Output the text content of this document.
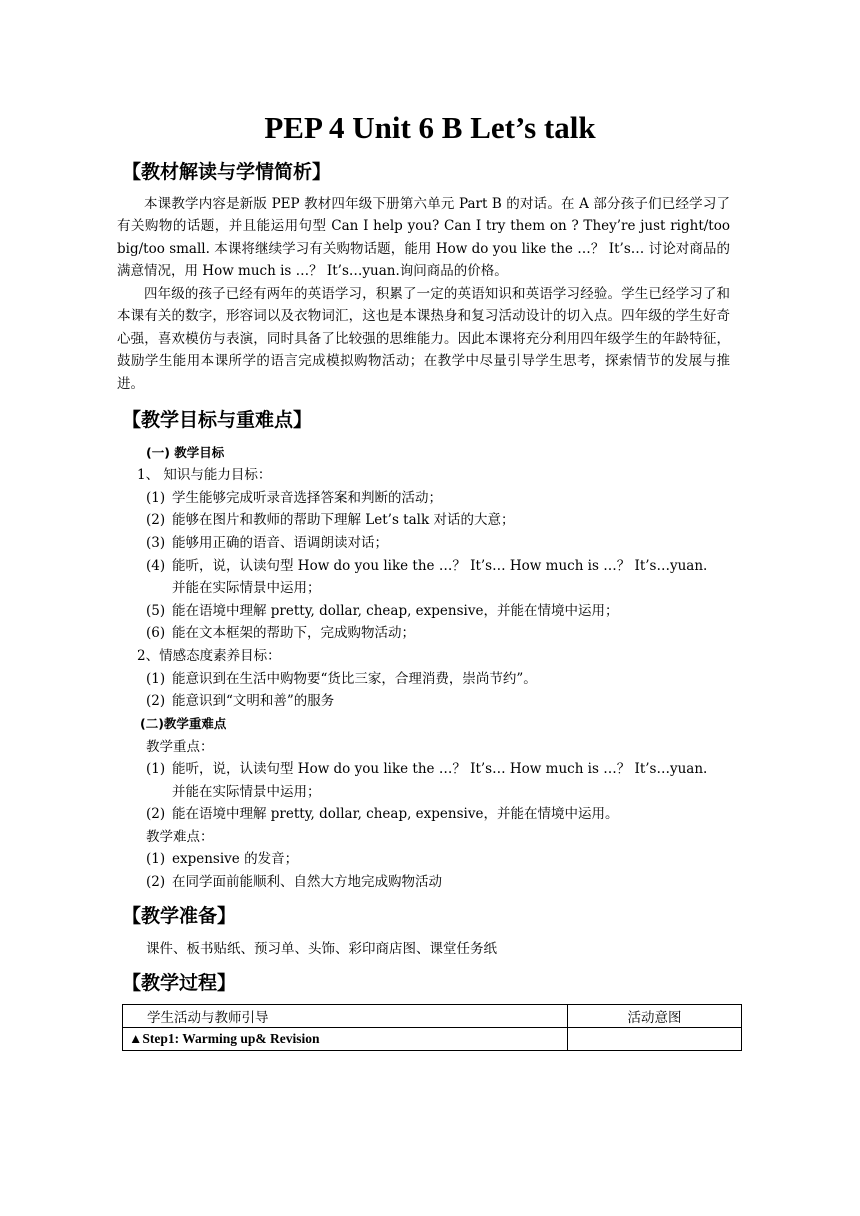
PEP 4 Unit 6 B Let’s talk
【教材解读与学情简析】

本课教学内容是新版 PEP 教材四年级下册第六单元 Part B 的对话。在 A 部分孩子们已经学习了有关购物的话题，并且能运用句型 Can I help you? Can I try them on ? They’re just right/too big/too small. 本课将继续学习有关购物话题，能用 How do you like the …？ It’s… 讨论对商品的满意情况，用 How much is …？ It’s…yuan.询问商品的价格。

四年级的孩子已经有两年的英语学习，积累了一定的英语知识和英语学习经验。学生已经学习了和本课有关的数字，形容词以及衣物词汇，这也是本课热身和复习活动设计的切入点。四年级的学生好奇心强，喜欢模仿与表演，同时具备了比较强的思维能力。因此本课将充分利用四年级学生的年龄特征，鼓励学生能用本课所学的语言完成模拟购物活动；在教学中尽量引导学生思考，探索情节的发展与推进。

【教学目标与重难点】
(一) 教学目标
1、 知识与能力目标：
(1) 学生能够完成听录音选择答案和判断的活动；
(2) 能够在图片和教师的帮助下理解 Let’s talk 对话的大意；
(3) 能够用正确的语音、语调朗读对话；
(4) 能听，说，认读句型 How do you like the …？ It’s… How much is …？ It’s…yuan.
并能在实际情景中运用；
(5) 能在语境中理解 pretty, dollar, cheap, expensive，并能在情境中运用；
(6) 能在文本框架的帮助下，完成购物活动；
2、情感态度素养目标：
(1) 能意识到在生活中购物要“货比三家，合理消费，崇尚节约”。
(2) 能意识到“文明和善”的服务
(二)教学重难点
教学重点：
(1) 能听，说，认读句型 How do you like the …？ It’s… How much is …？ It’s…yuan.
并能在实际情景中运用；
(2) 能在语境中理解 pretty, dollar, cheap, expensive，并能在情境中运用。
教学难点：
(1) expensive 的发音；
(2) 在同学面前能顺利、自然大方地完成购物活动
【教学准备】
课件、板书贴纸、预习单、头饰、彩印商店图、课堂任务纸
【教学过程】
学生活动与教师引导	活动意图
▲Step1: Warming up& Revision	
